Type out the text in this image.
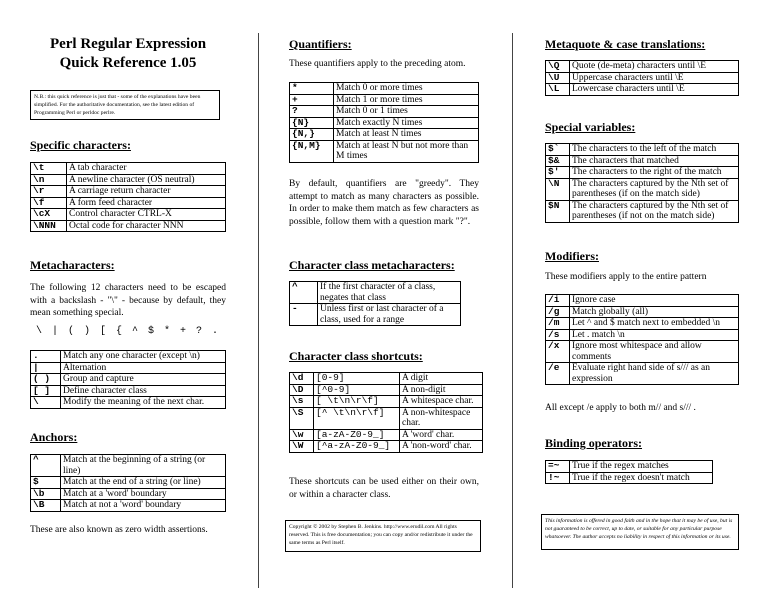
Perl Regular Expression
Quick Reference 1.05
N.B.: this quick reference is just that - some of the explanations have been simplified. For the authoritative documentation, see the latest edition of Programming Perl or perldoc perlre.
Specific characters:
\t	A tab character
\n	A newline character (OS neutral)
\r	A carriage return character
\f	A form feed character
\cX	Control character CTRL-X
\NNN	Octal code for character NNN
Metacharacters:

The following 12 characters need to be escaped with a backslash - "\" - because by default, they mean something special.

\ | ( ) [ { ^ $ * + ? .
.	Match any one character (except \n)
|	Alternation
( )	Group and capture
[ ]	Define character class
\	Modify the meaning of the next char.
Anchors:
^	Match at the beginning of a string (or line)
$	Match at the end of a string (or line)
\b	Match at a 'word' boundary
\B	Match at not a 'word' boundary

These are also known as zero width assertions.

Quantifiers:

These quantifiers apply to the preceding atom.

*	Match 0 or more times
+	Match 1 or more times
?	Match 0 or 1 times
{N}	Match exactly N times
{N,}	Match at least N times
{N,M}	Match at least N but not more than M times

By default, quantifiers are "greedy". They attempt to match as many characters as possible. In order to make them match as few characters as possible, follow them with a question mark "?".

Character class metacharacters:
^	If the first character of a class, negates that class
-	Unless first or last character of a class, used for a range
Character class shortcuts:
\d	[0-9]	A digit
\D	[^0-9]	A non-digit
\s	[ \t\n\r\f]	A whitespace char.
\S	[^ \t\n\r\f]	A non-whitespace char.
\w	[a-zA-Z0-9_]	A 'word' char.
\W	[^a-zA-Z0-9_]	A 'non-word' char.

These shortcuts can be used either on their own, or within a character class.

Copyright © 2002 by Stephen B. Jenkins. http://www.erudil.com All rights reserved. This is free documentation; you can copy and/or redistribute it under the same terms as Perl itself.
Metaquote & case translations:
\Q	Quote (de-meta) characters until \E
\U	Uppercase characters until \E
\L	Lowercase characters until \E
Special variables:
$`	The characters to the left of the match
$&	The characters that matched
$'	The characters to the right of the match
\N	The characters captured by the Nth set of parentheses (if on the match side)
$N	The characters captured by the Nth set of parentheses (if not on the match side)
Modifiers:

These modifiers apply to the entire pattern

/i	Ignore case
/g	Match globally (all)
/m	Let ^ and $ match next to embedded \n
/s	Let . match \n
/x	Ignore most whitespace and allow comments
/e	Evaluate right hand side of s/// as an expression

All except /e apply to both m// and s/// .

Binding operators:
=~	True if the regex matches
!~	True if the regex doesn't match
This information is offered in good faith and in the hope that it may be of use, but is not guaranteed to be correct, up to date, or suitable for any particular purpose whatsoever. The author accepts no liability in respect of this information or its use.
